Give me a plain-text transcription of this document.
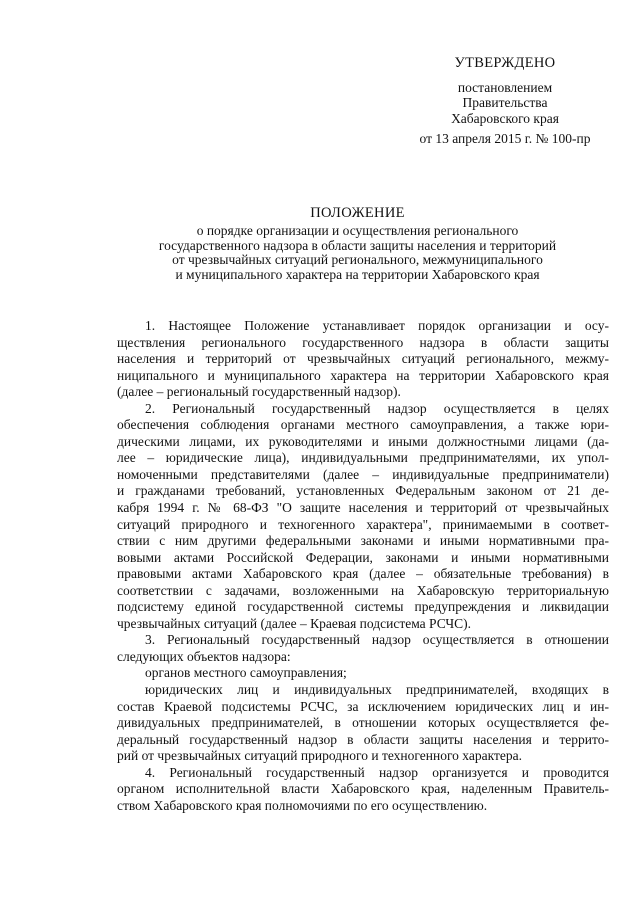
УТВЕРЖДЕНО
постановлением
Правительства
Хабаровского края
от 13 апреля 2015 г. № 100-пр
ПОЛОЖЕНИЕ
о порядке организации и осуществления регионального
государственного надзора в области защиты населения и территорий
от чрезвычайных ситуаций регионального, межмуниципального
и муниципального характера на территории Хабаровского края

1. Настоящее Положение устанавливает порядок организации и осу-

ществления регионального государственного надзора в области защиты

населения и территорий от чрезвычайных ситуаций регионального, межму-

ниципального и муниципального характера на территории Хабаровского края

(далее – региональный государственный надзор).

2. Региональный государственный надзор осуществляется в целях

обеспечения соблюдения органами местного самоуправления, а также юри-

дическими лицами, их руководителями и иными должностными лицами (да-

лее – юридические лица), индивидуальными предпринимателями, их упол-

номоченными представителями (далее – индивидуальные предприниматели)

и гражданами требований, установленных Федеральным законом от 21 де-

кабря 1994 г. № 68-ФЗ "О защите населения и территорий от чрезвычайных

ситуаций природного и техногенного характера", принимаемыми в соответ-

ствии с ним другими федеральными законами и иными нормативными пра-

вовыми актами Российской Федерации, законами и иными нормативными

правовыми актами Хабаровского края (далее – обязательные требования) в

соответствии с задачами, возложенными на Хабаровскую территориальную

подсистему единой государственной системы предупреждения и ликвидации

чрезвычайных ситуаций (далее – Краевая подсистема РСЧС).

3. Региональный государственный надзор осуществляется в отношении

следующих объектов надзора:

органов местного самоуправления;

юридических лиц и индивидуальных предпринимателей, входящих в

состав Краевой подсистемы РСЧС, за исключением юридических лиц и ин-

дивидуальных предпринимателей, в отношении которых осуществляется фе-

деральный государственный надзор в области защиты населения и террито-

рий от чрезвычайных ситуаций природного и техногенного характера.

4. Региональный государственный надзор организуется и проводится

органом исполнительной власти Хабаровского края, наделенным Правитель-

ством Хабаровского края полномочиями по его осуществлению.
